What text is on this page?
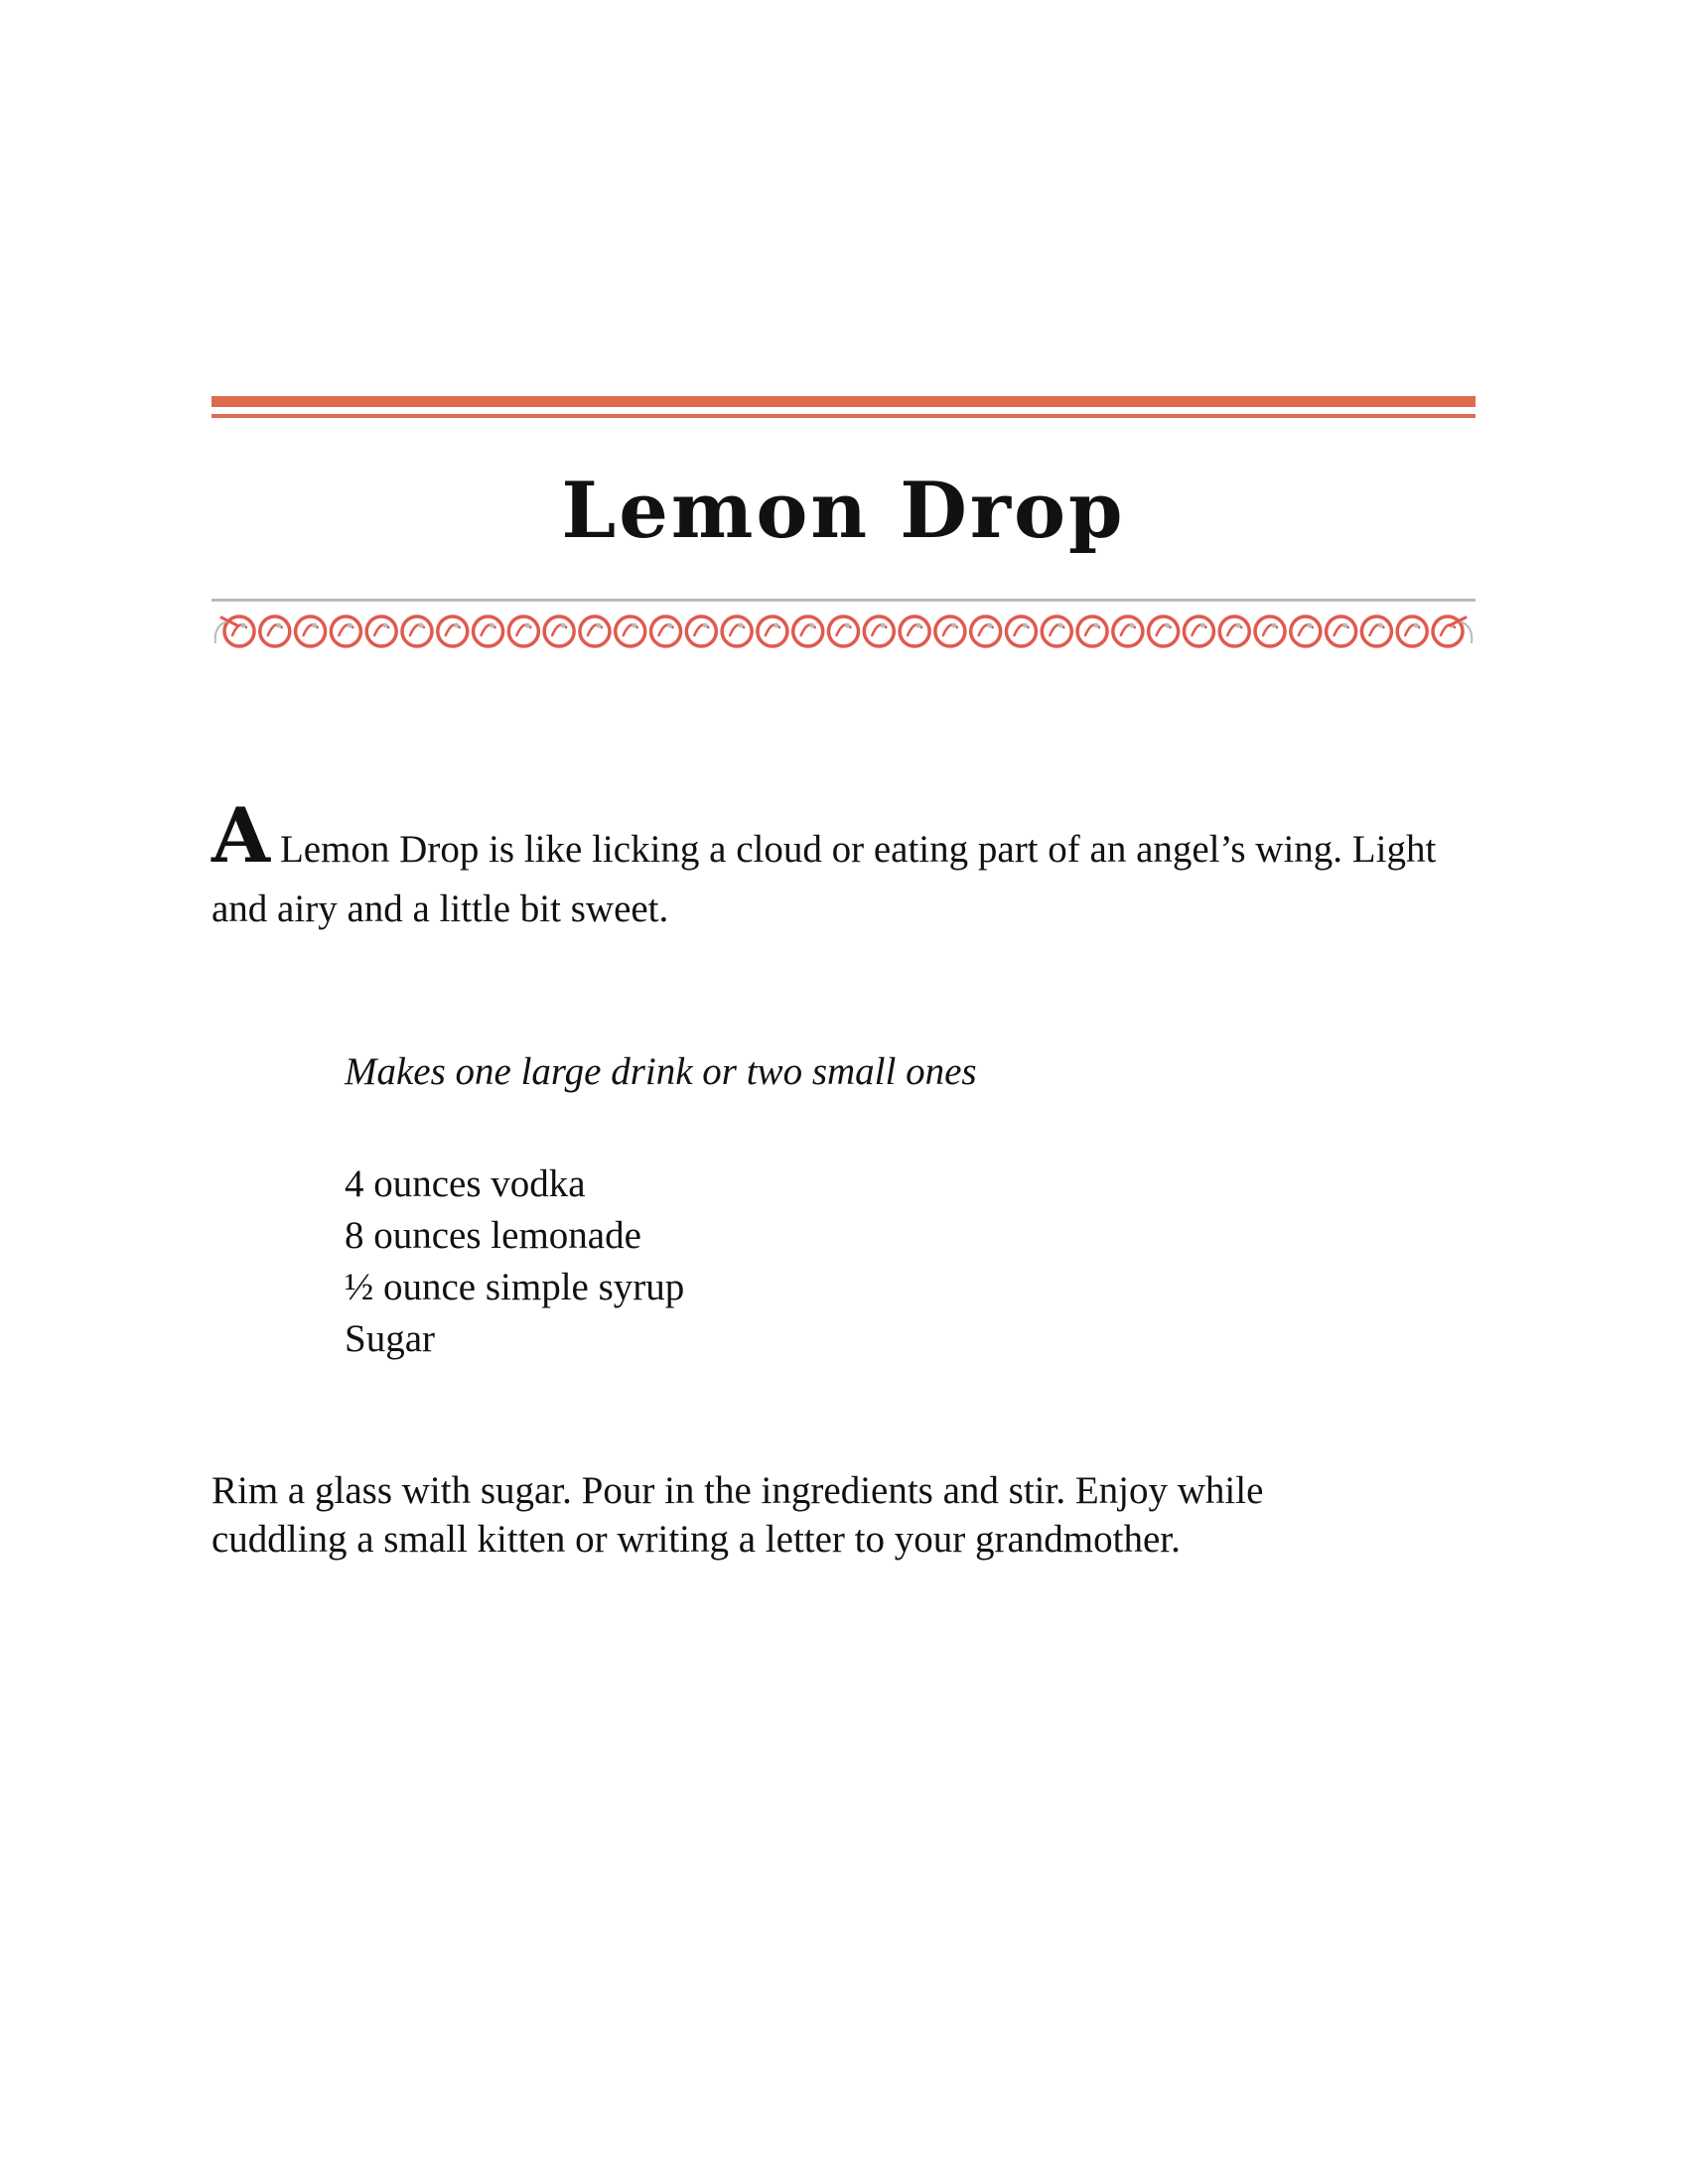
Lemon Drop

A Lemon Drop is like licking a cloud or eating part of an angel’s wing. Light and airy and a little bit sweet.

Makes one large drink or two small ones

4 ounces vodka
8 ounces lemonade
½ ounce simple syrup
Sugar

Rim a glass with sugar. Pour in the ingredients and stir. Enjoy while cuddling a small kitten or writing a letter to your grandmother.
